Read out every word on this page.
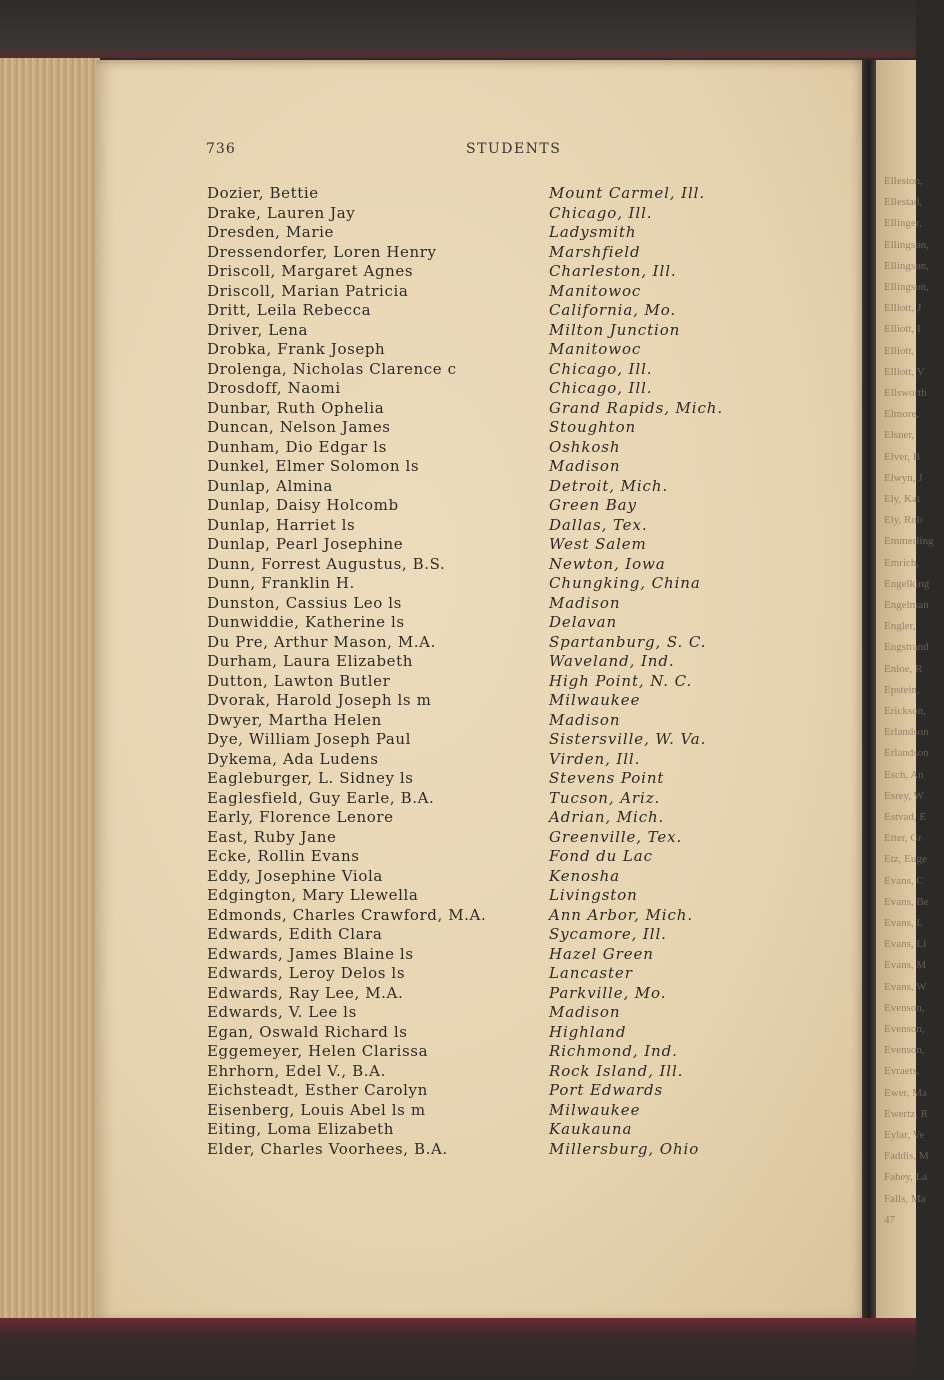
736	STUDENTS
Dozier, Bettie	Mount Carmel, Ill.
Drake, Lauren Jay	Chicago, Ill.
Dresden, Marie	Ladysmith
Dressendorfer, Loren Henry	Marshfield
Driscoll, Margaret Agnes	Charleston, Ill.
Driscoll, Marian Patricia	Manitowoc
Dritt, Leila Rebecca	California, Mo.
Driver, Lena	Milton Junction
Drobka, Frank Joseph	Manitowoc
Drolenga, Nicholas Clarence c	Chicago, Ill.
Drosdoff, Naomi	Chicago, Ill.
Dunbar, Ruth Ophelia	Grand Rapids, Mich.
Duncan, Nelson James	Stoughton
Dunham, Dio Edgar ls	Oshkosh
Dunkel, Elmer Solomon ls	Madison
Dunlap, Almina	Detroit, Mich.
Dunlap, Daisy Holcomb	Green Bay
Dunlap, Harriet ls	Dallas, Tex.
Dunlap, Pearl Josephine	West Salem
Dunn, Forrest Augustus, B.S.	Newton, Iowa
Dunn, Franklin H.	Chungking, China
Dunston, Cassius Leo ls	Madison
Dunwiddie, Katherine ls	Delavan
Du Pre, Arthur Mason, M.A.	Spartanburg, S. C.
Durham, Laura Elizabeth	Waveland, Ind.
Dutton, Lawton Butler	High Point, N. C.
Dvorak, Harold Joseph ls m	Milwaukee
Dwyer, Martha Helen	Madison
Dye, William Joseph Paul	Sistersville, W. Va.
Dykema, Ada Ludens	Virden, Ill.
Eagleburger, L. Sidney ls	Stevens Point
Eaglesfield, Guy Earle, B.A.	Tucson, Ariz.
Early, Florence Lenore	Adrian, Mich.
East, Ruby Jane	Greenville, Tex.
Ecke, Rollin Evans	Fond du Lac
Eddy, Josephine Viola	Kenosha
Edgington, Mary Llewella	Livingston
Edmonds, Charles Crawford, M.A.	Ann Arbor, Mich.
Edwards, Edith Clara	Sycamore, Ill.
Edwards, James Blaine ls	Hazel Green
Edwards, Leroy Delos ls	Lancaster
Edwards, Ray Lee, M.A.	Parkville, Mo.
Edwards, V. Lee ls	Madison
Egan, Oswald Richard ls	Highland
Eggemeyer, Helen Clarissa	Richmond, Ind.
Ehrhorn, Edel V., B.A.	Rock Island, Ill.
Eichsteadt, Esther Carolyn	Port Edwards
Eisenberg, Louis Abel ls m	Milwaukee
Eiting, Loma Elizabeth	Kaukauna
Elder, Charles Voorhees, B.A.	Millersburg, Ohio
Elleston,
Ellestad,
Ellinger,
Ellingson,
Ellingson,
Ellingson,
Elliott, J
Elliott, I
Elliott,
Elliott, V
Ellsworth
Elmore,
Elsner,
Elver, B
Elwyn, J
Ely, Kat
Ely, Rob
Emmerling
Emrich,
Engelking
Engelman
Engler,
Engstrand
Enloe, R
Epstein,
Erickson,
Erlandson
Erlandson
Esch, An
Esrey, W
Estvad, E
Etter, Gr
Etz, Euge
Evans, C
Evans, Be
Evans, L
Evans, Li
Evans, M
Evans, W
Evenson,
Evenson,
Evenson,
Evraets,
Ewer, Ma
Ewertz, R
Eylar, Ve
Faddis, M
Fahey, La
Falls, Ma
47
